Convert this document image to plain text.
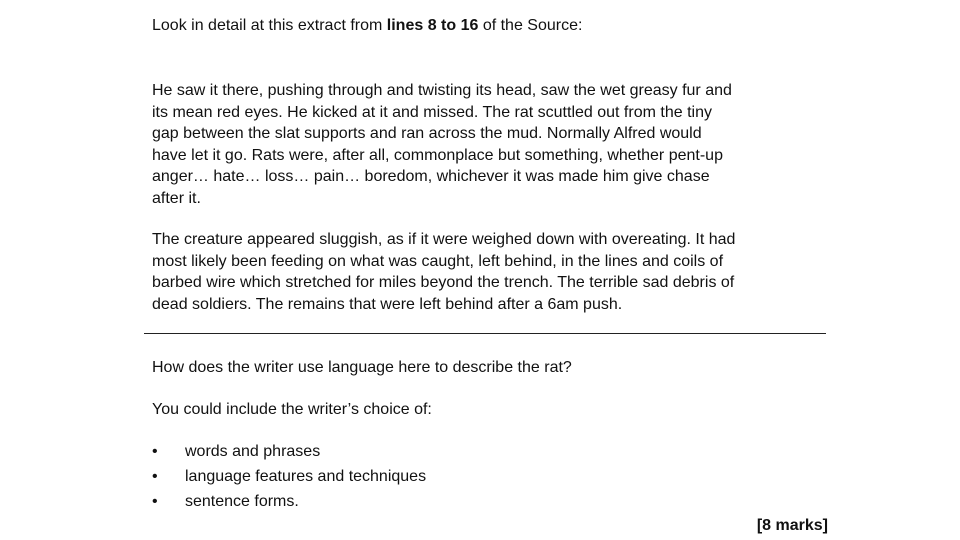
Look in detail at this extract from lines 8 to 16 of the Source:
He saw it there, pushing through and twisting its head, saw the wet greasy fur and
its mean red eyes. He kicked at it and missed. The rat scuttled out from the tiny
gap between the slat supports and ran across the mud. Normally Alfred would
have let it go. Rats were, after all, commonplace but something, whether pent-up
anger… hate… loss… pain… boredom, whichever it was made him give chase
after it.
The creature appeared sluggish, as if it were weighed down with overeating. It had
most likely been feeding on what was caught, left behind, in the lines and coils of
barbed wire which stretched for miles beyond the trench. The terrible sad debris of
dead soldiers. The remains that were left behind after a 6am push.
How does the writer use language here to describe the rat?
You could include the writer’s choice of:
• words and phrases
• language features and techniques
• sentence forms.
[8 marks]
